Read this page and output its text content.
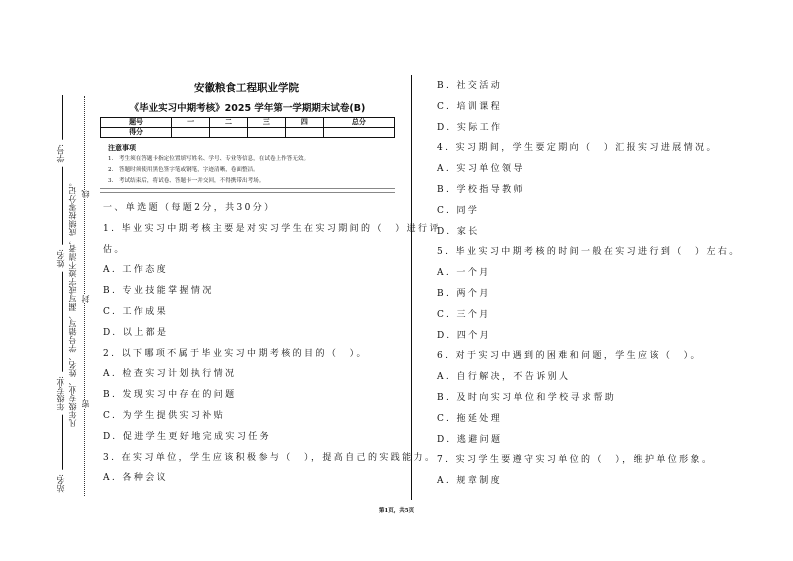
学号:
姓名:
年级专业:
站名:
凡年级专业、姓名、学号错写、漏写或字迹不清者，成绩按零分记。 线
封
密
安徽粮食工程职业学院
《毕业实习中期考核》2025 学年第一学期期末试卷(B)
题号	一	二	三	四	总分
得分					
注意事项
1.　考生须在答题卡指定位置填写姓名、学号、专业等信息，在试卷上作答无效。
2.　答题时须使用黑色签字笔或钢笔，字迹清晰，卷面整洁。
3.　考试结束后，将试卷、答题卡一并交回，不得携带出考场。
一、单选题（每题2分，共30分）
1. 毕业实习中期考核主要是对实习学生在实习期间的（　）进行评
估。
A. 工作态度
B. 专业技能掌握情况
C. 工作成果
D. 以上都是
2. 以下哪项不属于毕业实习中期考核的目的（　）。
A. 检查实习计划执行情况
B. 发现实习中存在的问题
C. 为学生提供实习补贴
D. 促进学生更好地完成实习任务
3. 在实习单位，学生应该积极参与（　），提高自己的实践能力。
A. 各种会议
B. 社交活动
C. 培训课程
D. 实际工作
4. 实习期间，学生要定期向（　）汇报实习进展情况。
A. 实习单位领导
B. 学校指导教师
C. 同学
D. 家长
5. 毕业实习中期考核的时间一般在实习进行到（　）左右。
A. 一个月
B. 两个月
C. 三个月
D. 四个月
6. 对于实习中遇到的困难和问题，学生应该（　）。
A. 自行解决，不告诉别人
B. 及时向实习单位和学校寻求帮助
C. 拖延处理
D. 逃避问题
7. 实习学生要遵守实习单位的（　），维护单位形象。
A. 规章制度
第1页，共5页
